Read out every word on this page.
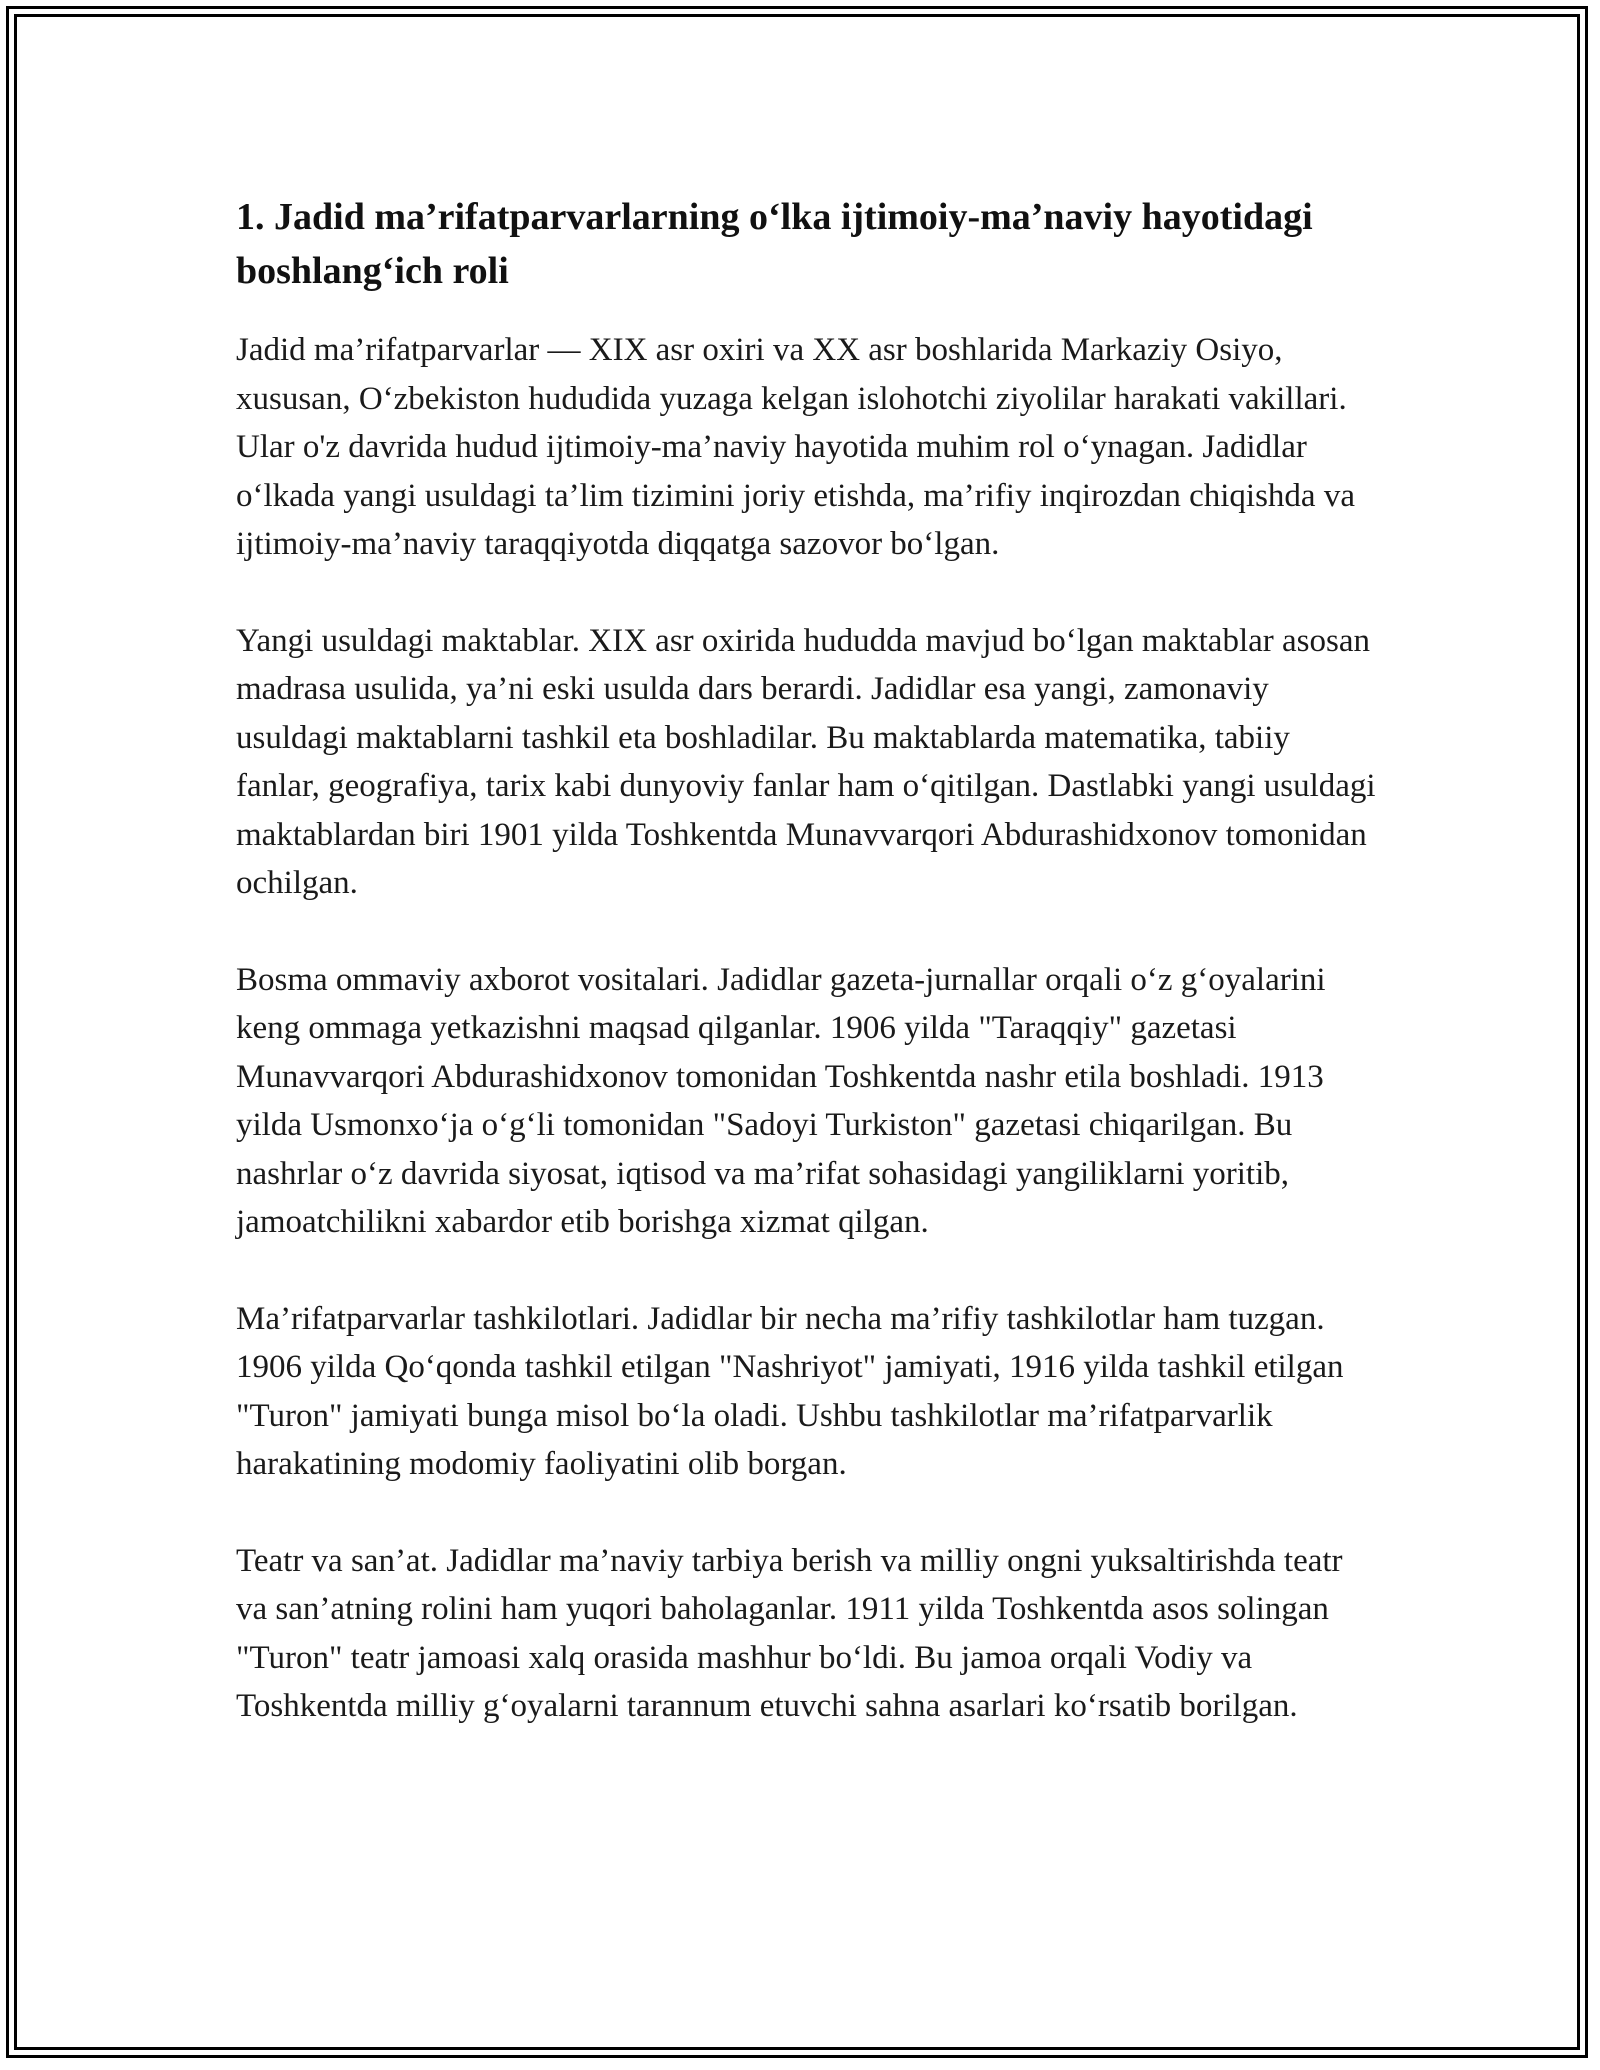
1. Jadid ma’rifatparvarlarning o‘lka ijtimoiy-ma’naviy hayotidagi boshlang‘ich roli

Jadid ma’rifatparvarlar — XIX asr oxiri va XX asr boshlarida Markaziy Osiyo, xususan, O‘zbekiston hududida yuzaga kelgan islohotchi ziyolilar harakati vakillari. Ular o'z davrida hudud ijtimoiy-ma’naviy hayotida muhim rol o‘ynagan. Jadidlar o‘lkada yangi usuldagi ta’lim tizimini joriy etishda, ma’rifiy inqirozdan chiqishda va ijtimoiy-ma’naviy taraqqiyotda diqqatga sazovor bo‘lgan.

Yangi usuldagi maktablar. XIX asr oxirida hududda mavjud bo‘lgan maktablar asosan madrasa usulida, ya’ni eski usulda dars berardi. Jadidlar esa yangi, zamonaviy usuldagi maktablarni tashkil eta boshladilar. Bu maktablarda matematika, tabiiy fanlar, geografiya, tarix kabi dunyoviy fanlar ham o‘qitilgan. Dastlabki yangi usuldagi maktablardan biri 1901 yilda Toshkentda Munavvarqori Abdurashidxonov tomonidan ochilgan.

Bosma ommaviy axborot vositalari. Jadidlar gazeta-jurnallar orqali o‘z g‘oyalarini keng ommaga yetkazishni maqsad qilganlar. 1906 yilda "Taraqqiy" gazetasi Munavvarqori Abdurashidxonov tomonidan Toshkentda nashr etila boshladi. 1913 yilda Usmonxo‘ja o‘g‘li tomonidan "Sadoyi Turkiston" gazetasi chiqarilgan. Bu nashrlar o‘z davrida siyosat, iqtisod va ma’rifat sohasidagi yangiliklarni yoritib, jamoatchilikni xabardor etib borishga xizmat qilgan.

Ma’rifatparvarlar tashkilotlari. Jadidlar bir necha ma’rifiy tashkilotlar ham tuzgan. 1906 yilda Qo‘qonda tashkil etilgan "Nashriyot" jamiyati, 1916 yilda tashkil etilgan "Turon" jamiyati bunga misol bo‘la oladi. Ushbu tashkilotlar ma’rifatparvarlik harakatining modomiy faoliyatini olib borgan.

Teatr va san’at. Jadidlar ma’naviy tarbiya berish va milliy ongni yuksaltirishda teatr va san’atning rolini ham yuqori baholaganlar. 1911 yilda Toshkentda asos solingan "Turon" teatr jamoasi xalq orasida mashhur bo‘ldi. Bu jamoa orqali Vodiy va Toshkentda milliy g‘oyalarni tarannum etuvchi sahna asarlari ko‘rsatib borilgan.
